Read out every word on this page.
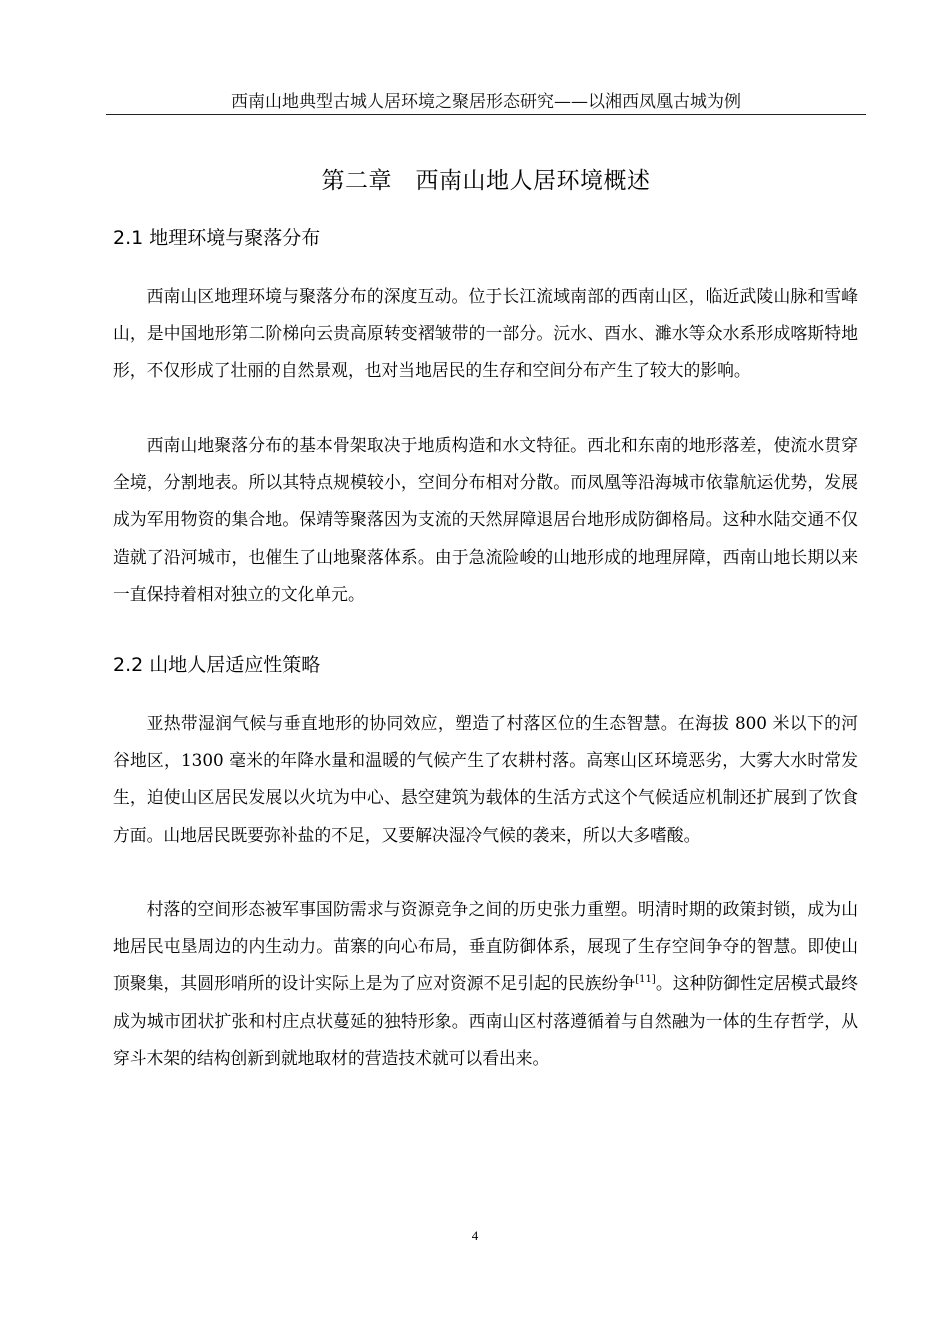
西南山地典型古城人居环境之聚居形态研究——以湘西凤凰古城为例
第二章　西南山地人居环境概述
2.1 地理环境与聚落分布

西南山区地理环境与聚落分布的深度互动。位于长江流域南部的西南山区，临近武陵山脉和雪峰山，是中国地形第二阶梯向云贵高原转变褶皱带的一部分。沅水、酉水、濉水等众水系形成喀斯特地形，不仅形成了壮丽的自然景观，也对当地居民的生存和空间分布产生了较大的影响。

西南山地聚落分布的基本骨架取决于地质构造和水文特征。西北和东南的地形落差，使流水贯穿全境，分割地表。所以其特点规模较小，空间分布相对分散。而凤凰等沿海城市依靠航运优势，发展成为军用物资的集合地。保靖等聚落因为支流的天然屏障退居台地形成防御格局。这种水陆交通不仅造就了沿河城市，也催生了山地聚落体系。由于急流险峻的山地形成的地理屏障，西南山地长期以来一直保持着相对独立的文化单元。

2.2 山地人居适应性策略

亚热带湿润气候与垂直地形的协同效应，塑造了村落区位的生态智慧。在海拔 800 米以下的河谷地区，1300 毫米的年降水量和温暖的气候产生了农耕村落。高寒山区环境恶劣，大雾大水时常发生，迫使山区居民发展以火坑为中心、悬空建筑为载体的生活方式这个气候适应机制还扩展到了饮食方面。山地居民既要弥补盐的不足，又要解决湿冷气候的袭来，所以大多嗜酸。

村落的空间形态被军事国防需求与资源竞争之间的历史张力重塑。明清时期的政策封锁，成为山地居民屯垦周边的内生动力。苗寨的向心布局，垂直防御体系，展现了生存空间争夺的智慧。即使山顶聚集，其圆形哨所的设计实际上是为了应对资源不足引起的民族纷争[11]。这种防御性定居模式最终成为城市团状扩张和村庄点状蔓延的独特形象。西南山区村落遵循着与自然融为一体的生存哲学，从穿斗木架的结构创新到就地取材的营造技术就可以看出来。

4
